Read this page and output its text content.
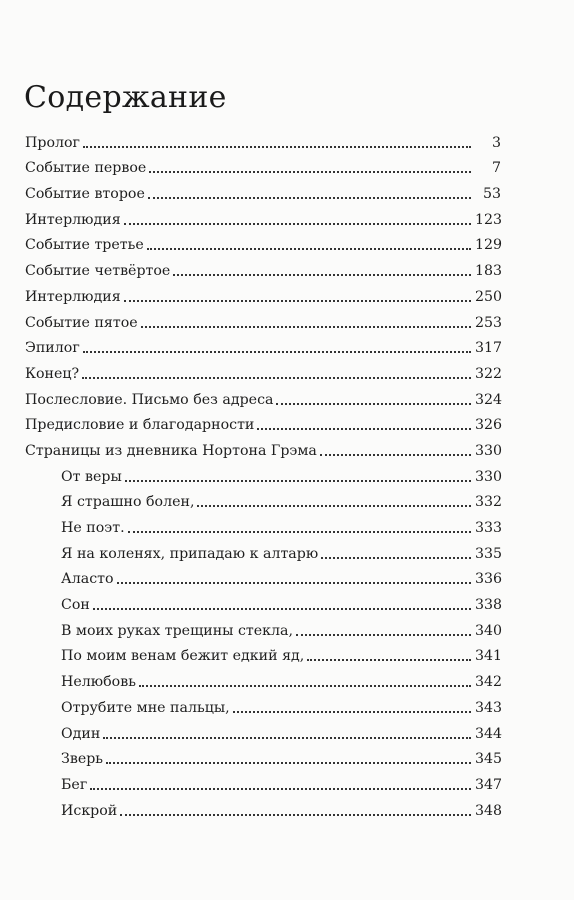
Содержание
Пролог	3
Событие первое	7
Событие второе	53
Интерлюдия	123
Событие третье	129
Событие четвёртое	183
Интерлюдия	250
Событие пятое	253
Эпилог	317
Конец?	322
Послесловие. Письмо без адреса	324
Предисловие и благодарности	326
Страницы из дневника Нортона Грэма	330
От веры	330
Я страшно болен,	332
Не поэт.	333
Я на коленях, припадаю к алтарю	335
Аласто	336
Сон	338
В моих руках трещины стекла,	340
По моим венам бежит едкий яд,	341
Нелюбовь	342
Отрубите мне пальцы,	343
Один	344
Зверь	345
Бег	347
Искрой	348
